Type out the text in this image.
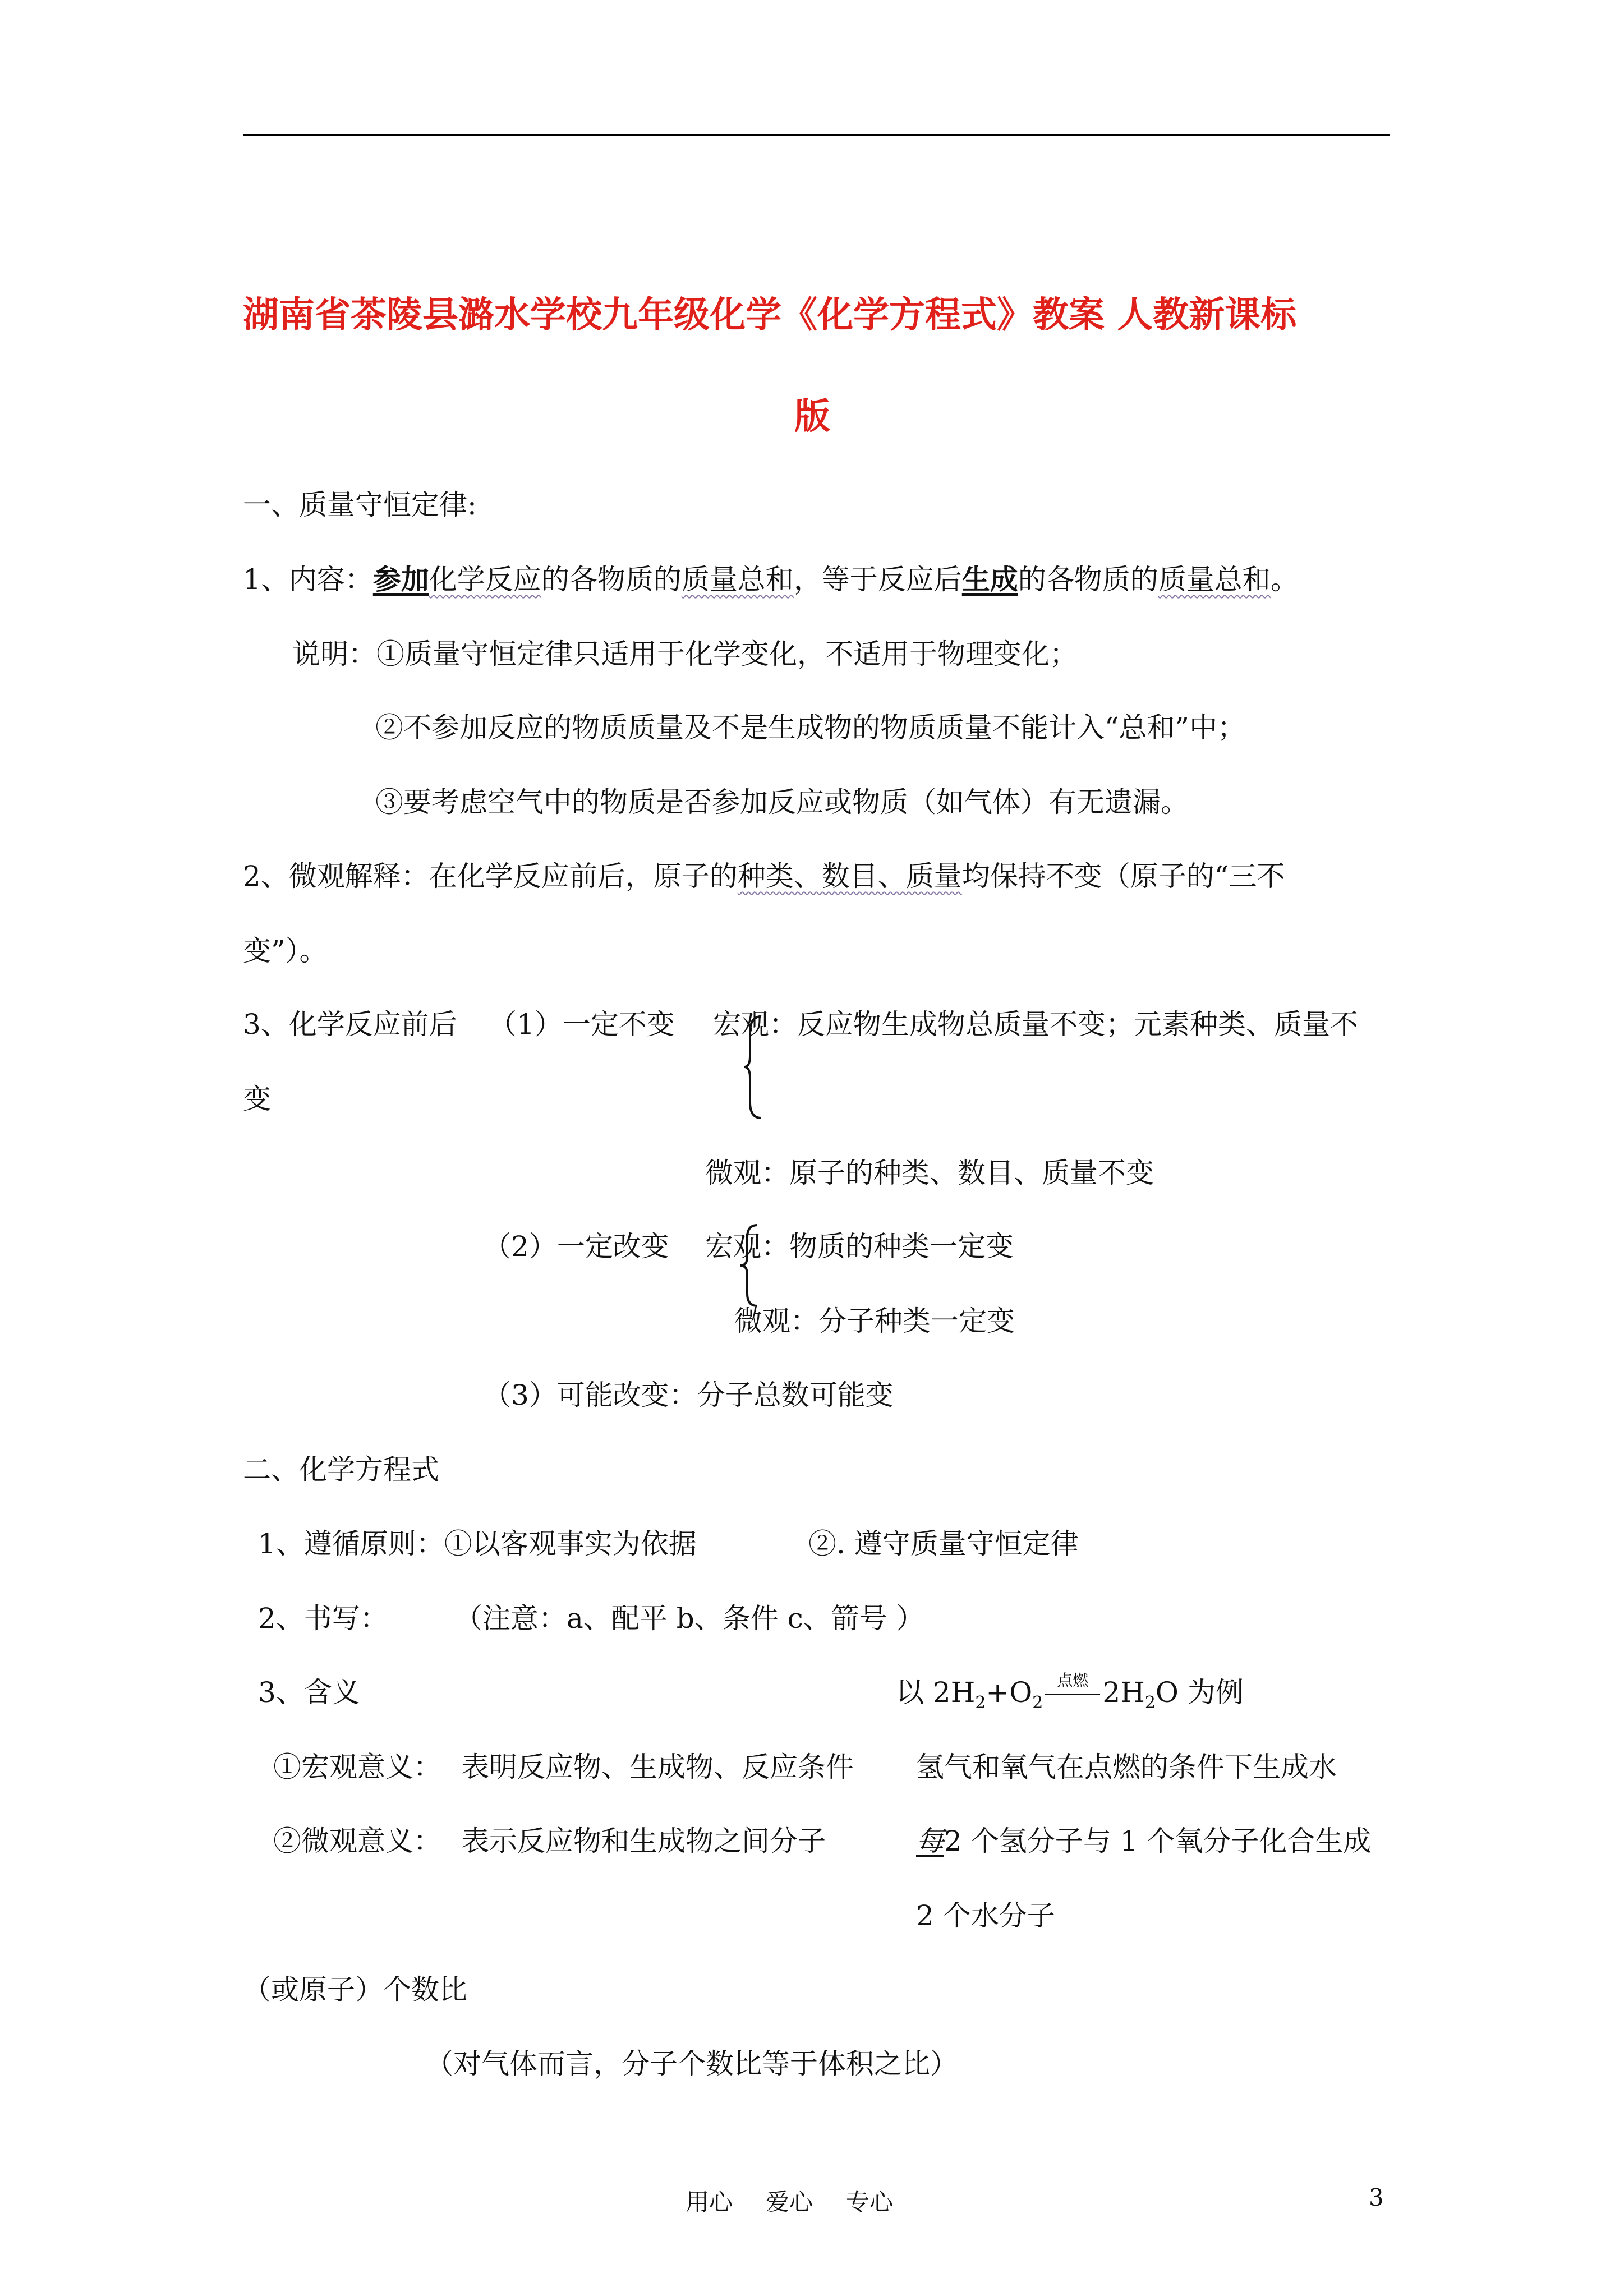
湖南省茶陵县潞水学校九年级化学《化学方程式》教案 人教新课标
版
一、质量守恒定律:
1、内容：参加化学反应的各物质的质量总和，等于反应后生成的各物质的质量总和。
说明：①质量守恒定律只适用于化学变化，不适用于物理变化；
②不参加反应的物质质量及不是生成物的物质质量不能计入“总和”中；
③要考虑空气中的物质是否参加反应或物质（如气体）有无遗漏。
2、微观解释：在化学反应前后，原子的种类、数目、质量均保持不变（原子的“三不
变”）。
3、化学反应前后 （1）一定不变 宏观：反应物生成物总质量不变；元素种类、质量不
变
微观：原子的种类、数目、质量不变
（2）一定改变 宏观：物质的种类一定变
微观：分子种类一定变
（3）可能改变：分子总数可能变
二、化学方程式
1、遵循原则：①以客观事实为依据	②. 遵守质量守恒定律
2、书写： （注意：a、配平 b、条件 c、箭号 ）
3、含义	以 $2H_2+O_2$
点燃 $2H_2O$ 为例
①宏观意义： 表明反应物、生成物、反应条件 氢气和氧气在点燃的条件下生成水
②微观意义： 表示反应物和生成物之间分子	每2 个氢分子与 1 个氧分子化合生成
2 个水分子
（或原子）个数比
（对气体而言，分子个数比等于体积之比）
用心 爱心 专心	3
